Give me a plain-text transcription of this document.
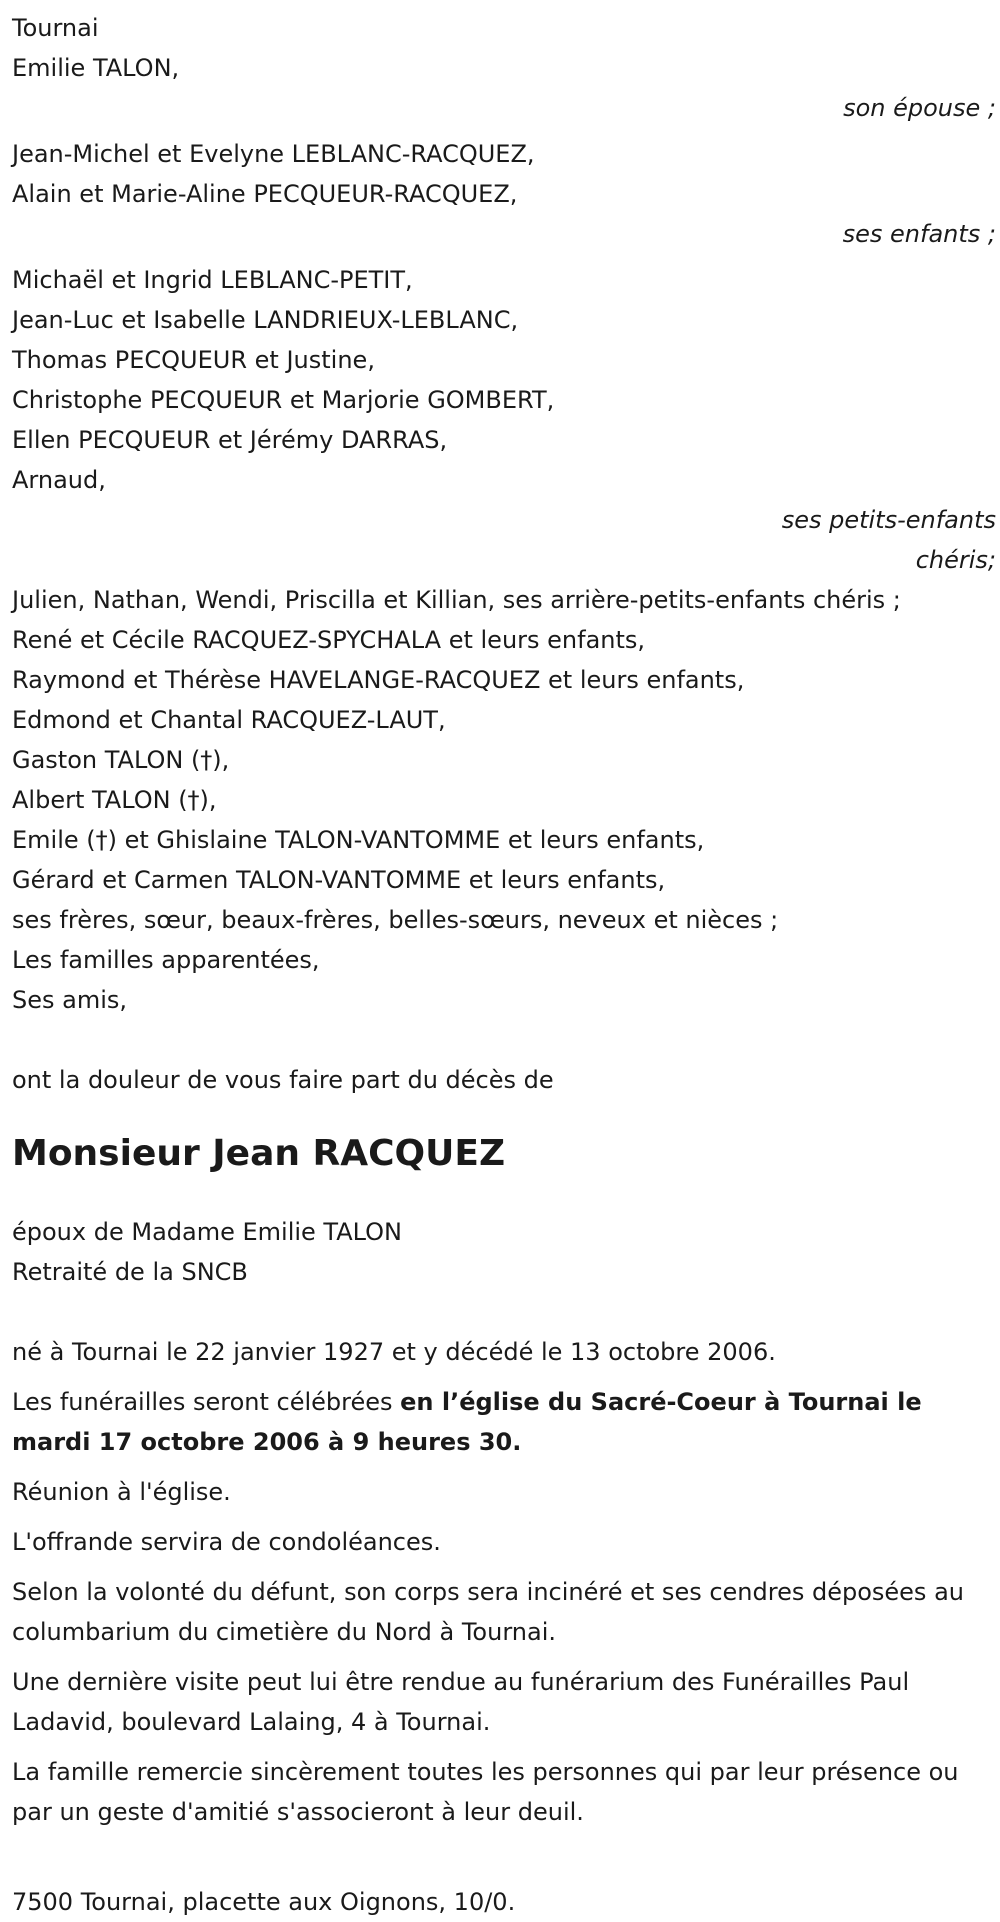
Tournai
Emilie TALON,
son épouse ;
Jean-Michel et Evelyne LEBLANC-RACQUEZ,
Alain et Marie-Aline PECQUEUR-RACQUEZ,
ses enfants ;
Michaël et Ingrid LEBLANC-PETIT,
Jean-Luc et Isabelle LANDRIEUX-LEBLANC,
Thomas PECQUEUR et Justine,
Christophe PECQUEUR et Marjorie GOMBERT,
Ellen PECQUEUR et Jérémy DARRAS,
Arnaud,
ses petits-enfants
chéris;
Julien, Nathan, Wendi, Priscilla et Killian, ses arrière-petits-enfants chéris ;
René et Cécile RACQUEZ-SPYCHALA et leurs enfants,
Raymond et Thérèse HAVELANGE-RACQUEZ et leurs enfants,
Edmond et Chantal RACQUEZ-LAUT,
Gaston TALON (†),
Albert TALON (†),
Emile (†) et Ghislaine TALON-VANTOMME et leurs enfants,
Gérard et Carmen TALON-VANTOMME et leurs enfants,
ses frères, sœur, beaux-frères, belles-sœurs, neveux et nièces ;
Les familles apparentées,
Ses amis,
ont la douleur de vous faire part du décès de
Monsieur Jean RACQUEZ
époux de Madame Emilie TALON
Retraité de la SNCB
né à Tournai le 22 janvier 1927 et y décédé le 13 octobre 2006.
Les funérailles seront célébrées en l’église du Sacré-Coeur à Tournai le mardi 17 octobre 2006 à 9 heures 30.
Réunion à l'église.
L'offrande servira de condoléances.
Selon la volonté du défunt, son corps sera incinéré et ses cendres déposées au columbarium du cimetière du Nord à Tournai.
Une dernière visite peut lui être rendue au funérarium des Funérailles Paul Ladavid, boulevard Lalaing, 4 à Tournai.
La famille remercie sincèrement toutes les personnes qui par leur présence ou par un geste d'amitié s'associeront à leur deuil.
7500 Tournai, placette aux Oignons, 10/0.
